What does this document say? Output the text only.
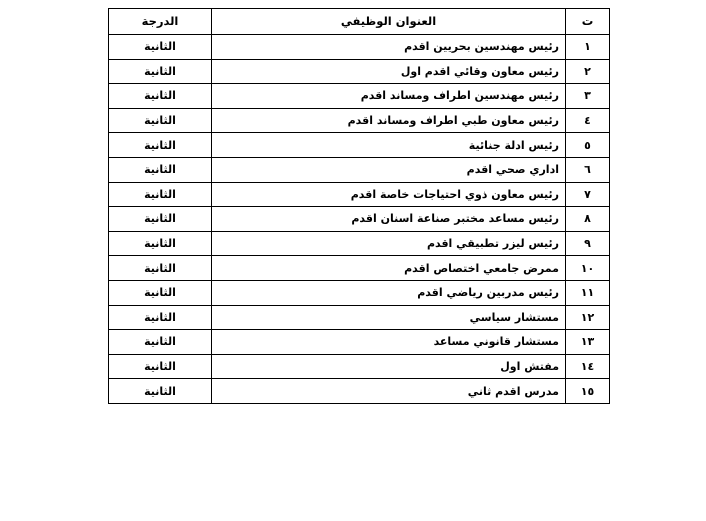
ت	العنوان الوظيفي	الدرجة
١	رئيس مهندسين بحريين اقدم	الثانية
٢	رئيس معاون وقائي اقدم اول	الثانية
٣	رئيس مهندسين اطراف ومساند اقدم	الثانية
٤	رئيس معاون طبي اطراف ومساند اقدم	الثانية
٥	رئيس ادلة جنائية	الثانية
٦	اداري صحي اقدم	الثانية
٧	رئيس معاون ذوي احتياجات خاصة اقدم	الثانية
٨	رئيس مساعد مختبر صناعة اسنان اقدم	الثانية
٩	رئيس ليزر تطبيقي اقدم	الثانية
١٠	ممرض جامعي اختصاص اقدم	الثانية
١١	رئيس مدربين رياضي اقدم	الثانية
١٢	مستشار سياسي	الثانية
١٣	مستشار قانوني مساعد	الثانية
١٤	مفتش اول	الثانية
١٥	مدرس اقدم ثاني	الثانية
